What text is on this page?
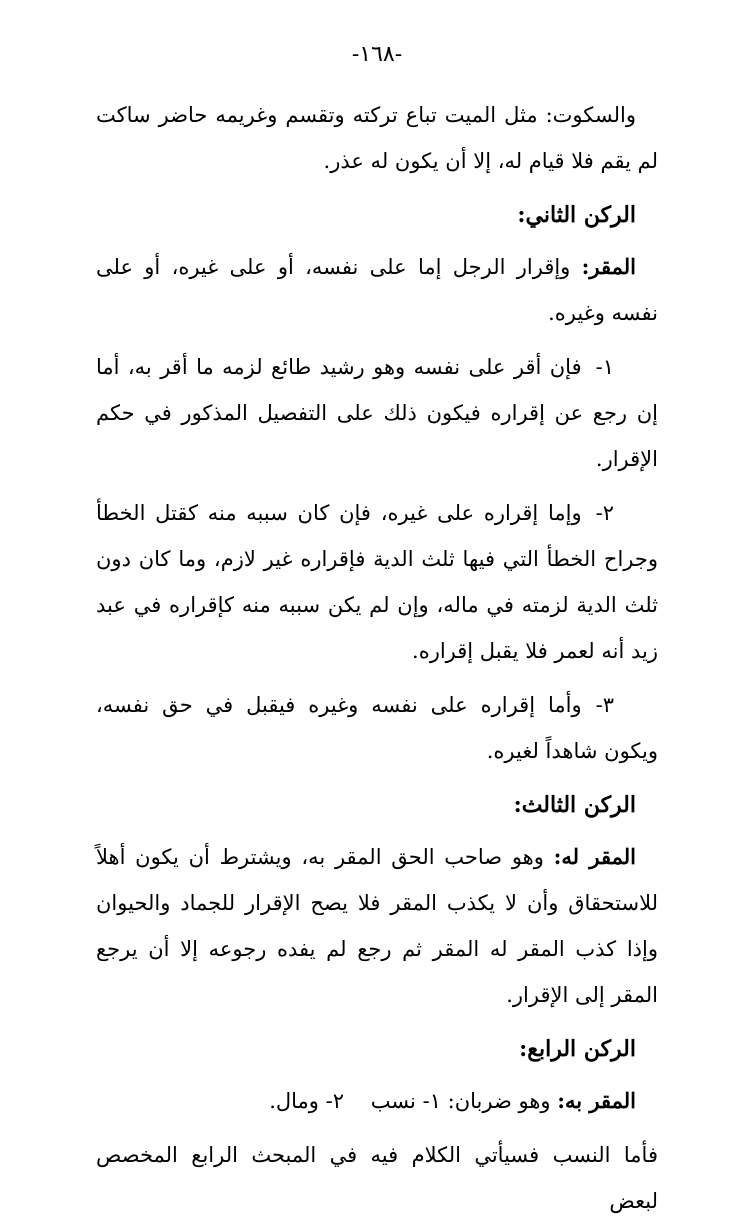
-١٦٨-

والسكوت: مثل الميت تباع تركته وتقسم وغريمه حاضر ساكت لم يقم فلا قيام له، إلا أن يكون له عذر.

الركن الثاني:

المقر: وإقرار الرجل إما على نفسه، أو على غيره، أو على نفسه وغيره.

١-فإن أقر على نفسه وهو رشيد طائع لزمه ما أقر به، أما إن رجع عن إقراره فيكون ذلك على التفصيل المذكور في حكم الإقرار.

٢-وإما إقراره على غيره، فإن كان سببه منه كقتل الخطأ وجراح الخطأ التي فيها ثلث الدية فإقراره غير لازم، وما كان دون ثلث الدية لزمته في ماله، وإن لم يكن سببه منه كإقراره في عبد زيد أنه لعمر فلا يقبل إقراره.

٣-وأما إقراره على نفسه وغيره فيقبل في حق نفسه، ويكون شاهداً لغيره.

الركن الثالث:

المقر له: وهو صاحب الحق المقر به، ويشترط أن يكون أهلاً للاستحقاق وأن لا يكذب المقر فلا يصح الإقرار للجماد والحيوان وإذا كذب المقر له المقر ثم رجع لم يفده رجوعه إلا أن يرجع المقر إلى الإقرار.

الركن الرابع:

المقر به: وهو ضربان: ١- نسب    ٢- ومال.

فأما النسب فسيأتي الكلام فيه في المبحث الرابع المخصص لبعض
